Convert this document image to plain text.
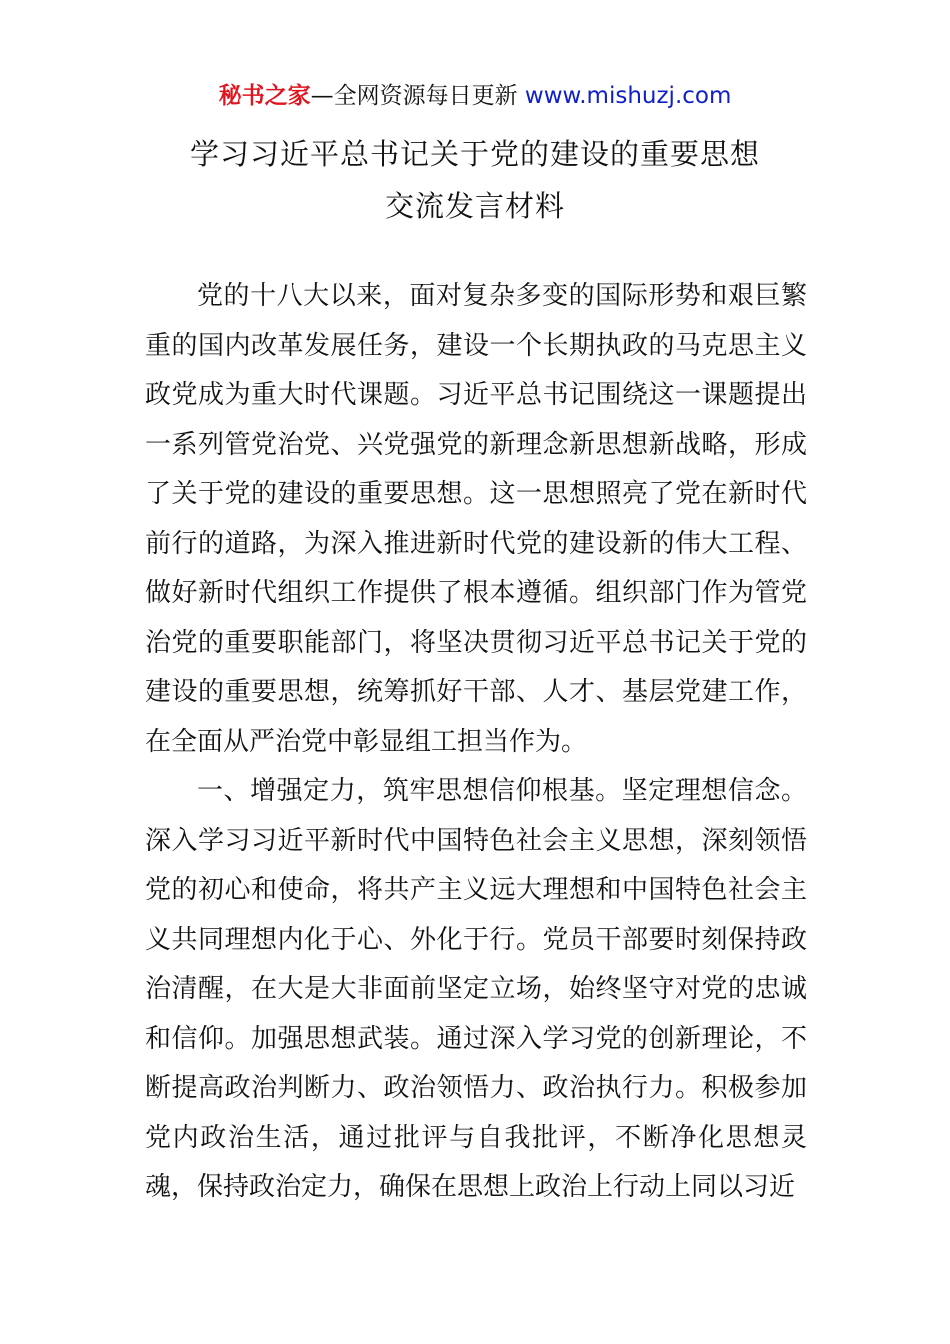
秘书之家—全网资源每日更新 www.mishuzj.com
学习习近平总书记关于党的建设的重要思想
交流发言材料

党的十八大以来，面对复杂多变的国际形势和艰巨繁重的国内改革发展任务，建设一个长期执政的马克思主义政党成为重大时代课题。习近平总书记围绕这一课题提出一系列管党治党、兴党强党的新理念新思想新战略，形成了关于党的建设的重要思想。这一思想照亮了党在新时代前行的道路，为深入推进新时代党的建设新的伟大工程、做好新时代组织工作提供了根本遵循。组织部门作为管党治党的重要职能部门，将坚决贯彻习近平总书记关于党的建设的重要思想，统筹抓好干部、人才、基层党建工作，在全面从严治党中彰显组工担当作为。

一、增强定力，筑牢思想信仰根基。坚定理想信念。深入学习习近平新时代中国特色社会主义思想，深刻领悟党的初心和使命，将共产主义远大理想和中国特色社会主义共同理想内化于心、外化于行。党员干部要时刻保持政治清醒，在大是大非面前坚定立场，始终坚守对党的忠诚和信仰。加强思想武装。通过深入学习党的创新理论，不断提高政治判断力、政治领悟力、政治执行力。积极参加党内政治生活，通过批评与自我批评，不断净化思想灵魂，保持政治定力，确保在思想上政治上行动上同以习近
